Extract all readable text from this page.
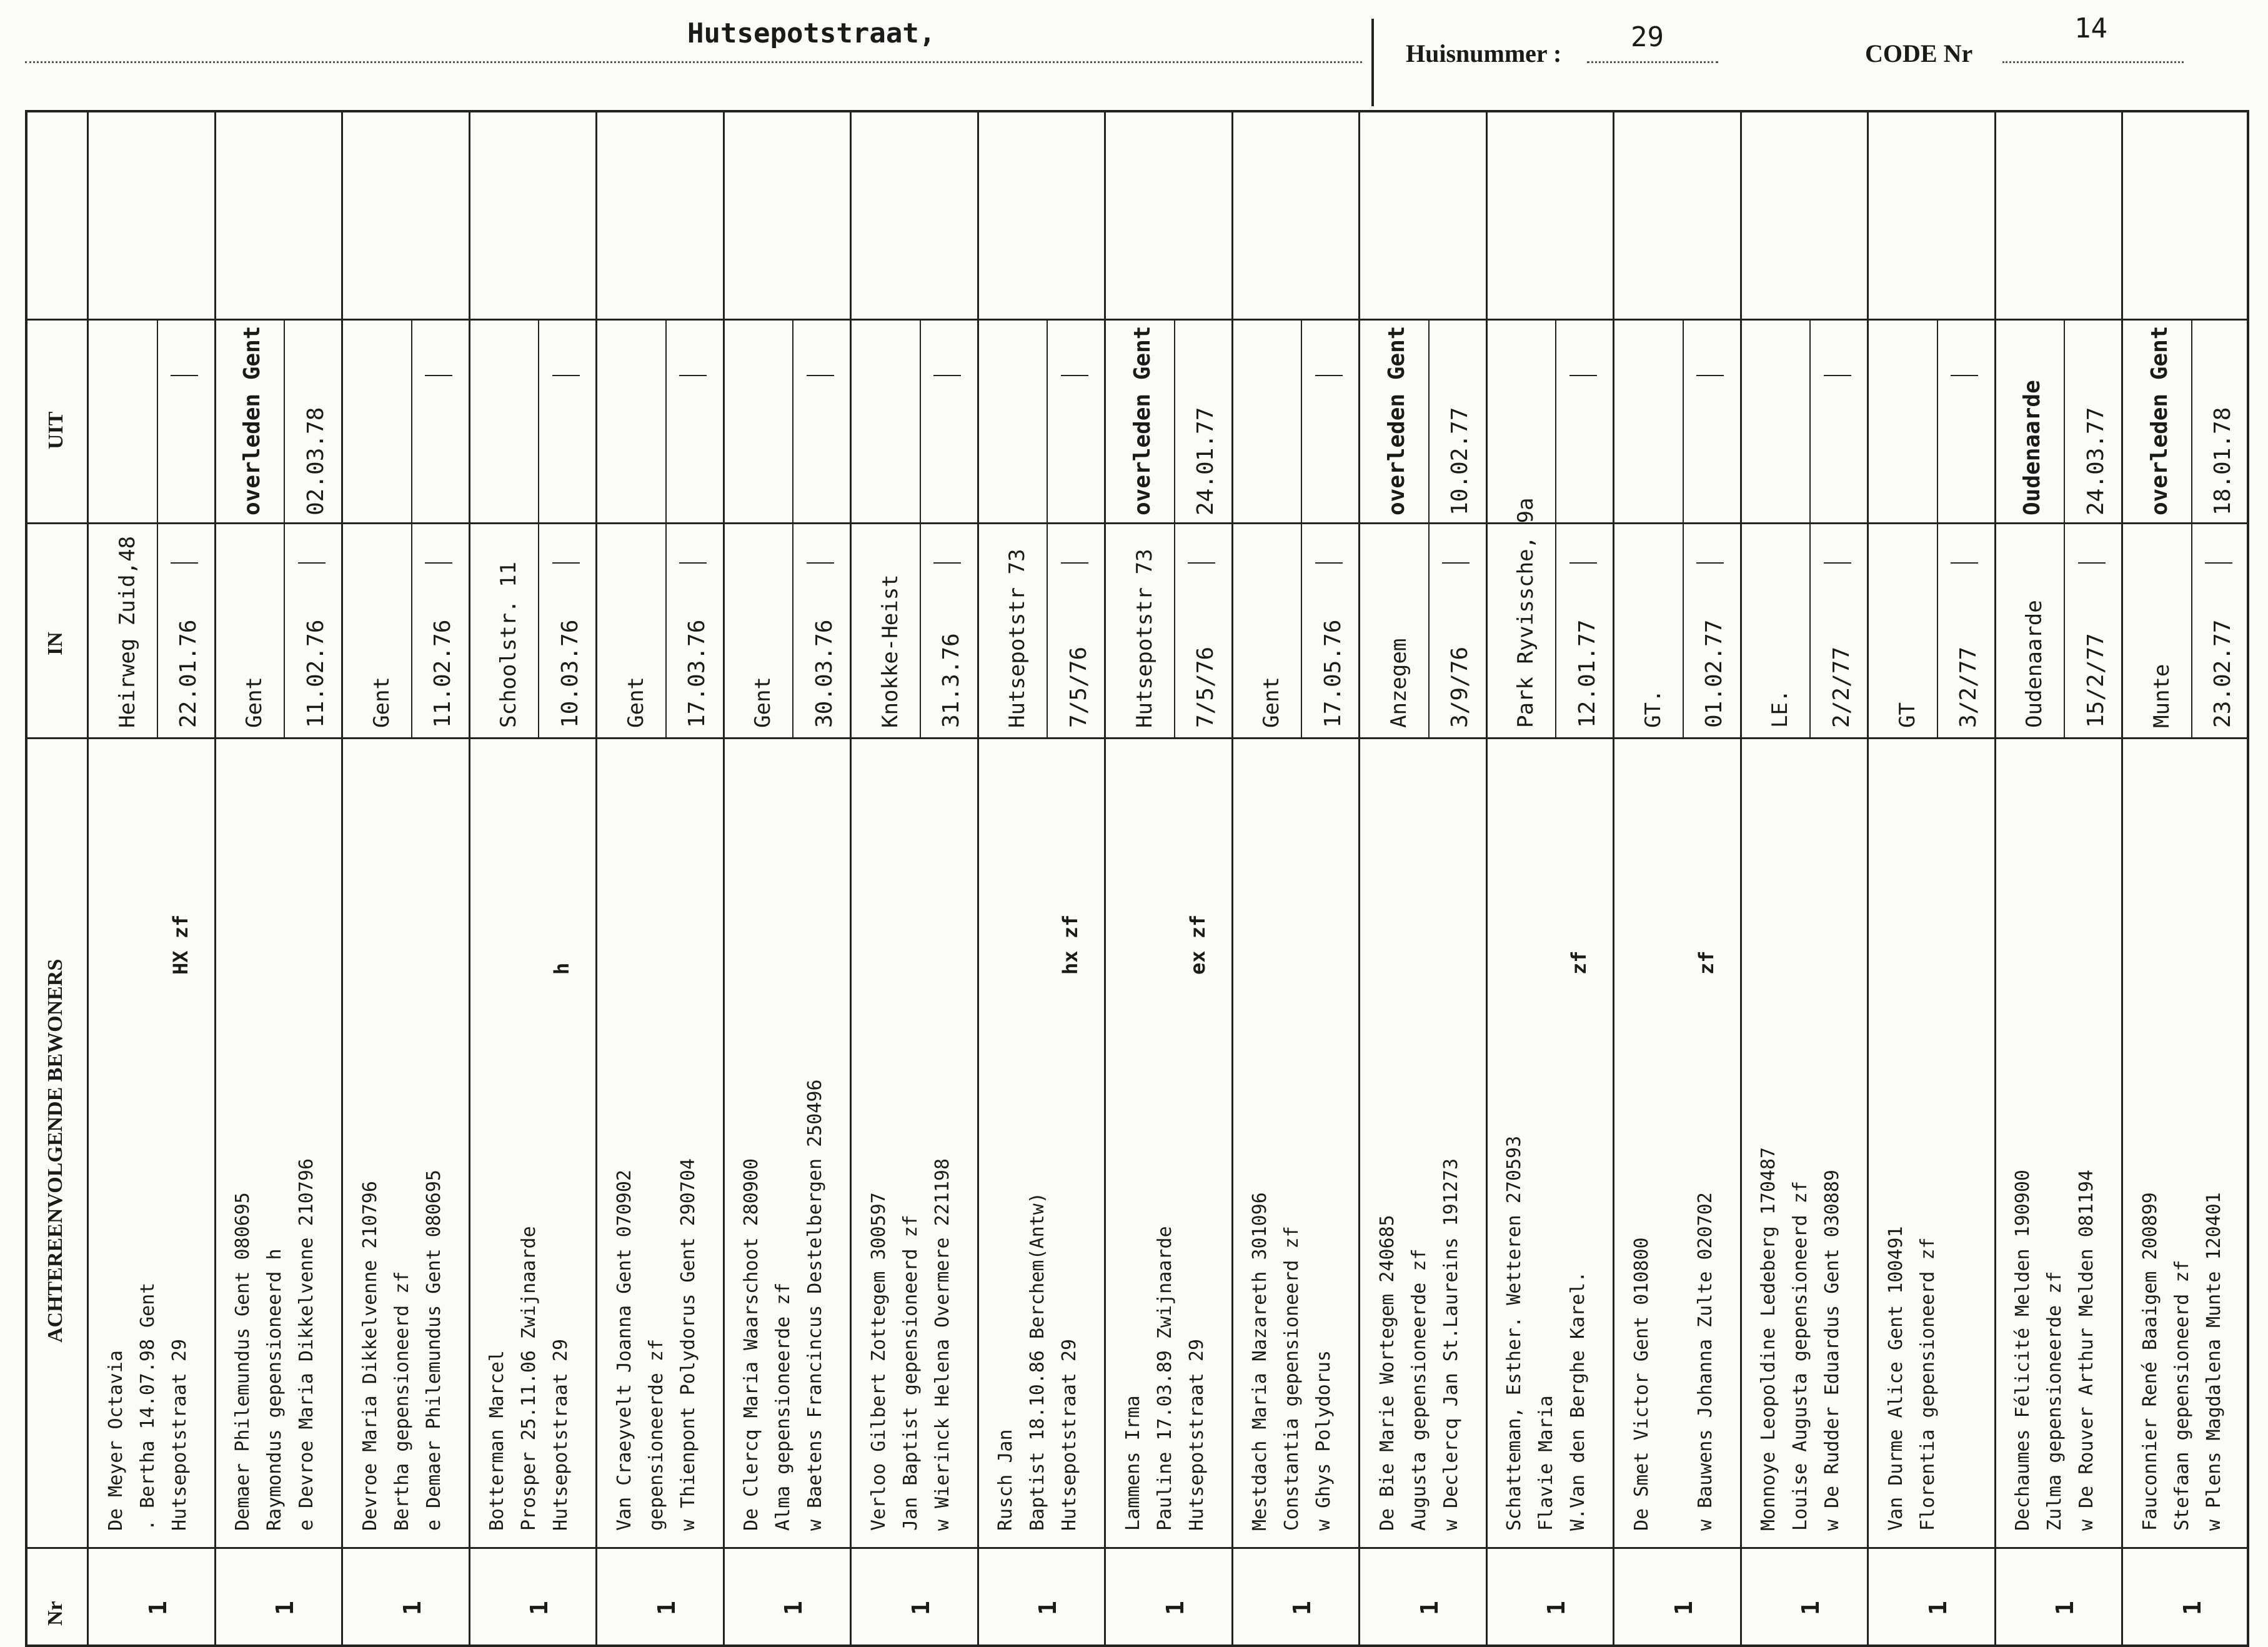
Hutsepotstraat,
Huisnummer :
29
CODE Nr
14
UIT
IN
ACHTEREENVOLGENDE BEWONERS
Nr
De Meyer Octavia . Bertha 14.07.98 Gent Hutsepotstraat 29
HX zf
1
Heirweg Zuid,48 22.01.76
Demaer Philemundus Gent 080695 Raymondus gepensioneerd h e Devroe Maria Dikkelvenne 210796
1
Gent 11.02.76
overleden Gent 02.03.78
Devroe Maria Dikkelvenne 210796 Bertha gepensioneerd zf e Demaer Philemundus Gent 080695
1
Gent 11.02.76
Botterman Marcel Prosper 25.11.06 Zwijnaarde Hutsepotstraat 29
h
1
Schoolstr. 11 10.03.76
Van Craeyvelt Joanna Gent 070902 gepensioneerde zf w Thienpont Polydorus Gent 290704
1
Gent 17.03.76
De Clercq Maria Waarschoot 280900 Alma gepensioneerde zf w Baetens Francincus Destelbergen 250496
1
Gent 30.03.76
Verloo Gilbert Zottegem 300597 Jan Baptist gepensioneerd zf w Wierinck Helena Overmere 221198
1
Knokke-Heist 31.3.76
Rusch Jan Baptist 18.10.86 Berchem(Antw) Hutsepotstraat 29
hx zf
1
Hutsepotstr 73 7/5/76
Lammens Irma Pauline 17.03.89 Zwijnaarde Hutsepotstraat 29
ex zf
1
Hutsepotstr 73 7/5/76
overleden Gent 24.01.77
Mestdach Maria Nazareth 301096 Constantia gepensioneerd zf w Ghys Polydorus
1
Gent 17.05.76
De Bie Marie Wortegem 240685 Augusta gepensioneerde zf w Declercq Jan St.Laureins 191273
1
Anzegem 3/9/76
overleden Gent 10.02.77
Schatteman, Esther. Wetteren 270593 Flavie Maria W.Van den Berghe Karel.
zf
1
Park Ryvissche, 9a 12.01.77
De Smet Victor Gent 010800 w Bauwens Johanna Zulte 020702
zf
1
GT. 01.02.77
Monnoye Leopoldine Ledeberg 170487 Louise Augusta gepensioneerd zf w De Rudder Eduardus Gent 030889
1
LE. 2/2/77
Van Durme Alice Gent 100491 Florentia gepensioneerd zf
1
GT 3/2/77
Dechaumes Félicité Melden 190900 Zulma gepensioneerde zf w De Rouver Arthur Melden 081194
1
Oudenaarde 15/2/77
Oudenaarde 24.03.77
Fauconnier René Baaigem 200899 Stefaan gepensioneerd zf w Plens Magdalena Munte 120401
1
Munte 23.02.77
overleden Gent 18.01.78
